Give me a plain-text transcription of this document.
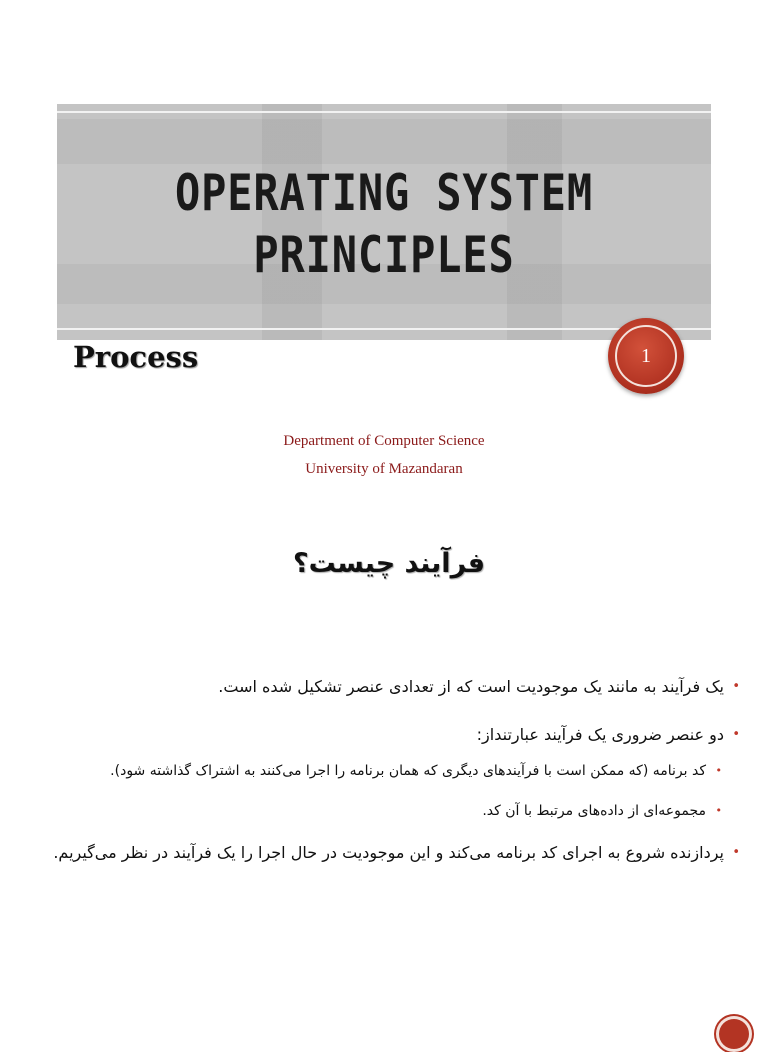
OPERATING SYSTEM
PRINCIPLES
Process	1

Department of Computer Science

University of Mazandaran

فرآیند چیست؟
•
یک فرآیند به مانند یک موجودیت است که از تعدادی عنصر تشکیل شده است.
•
دو عنصر ضروری یک فرآیند عبارتنداز:
•
کد برنامه (که ممکن است با فرآیندهای دیگری که همان برنامه را اجرا می‌کنند به اشتراک گذاشته شود).
•
مجموعه‌ای از داده‌های مرتبط با آن کد.
•
پردازنده شروع به اجرای کد برنامه می‌کند و این موجودیت در حال اجرا را یک فرآیند در نظر می‌گیریم.
